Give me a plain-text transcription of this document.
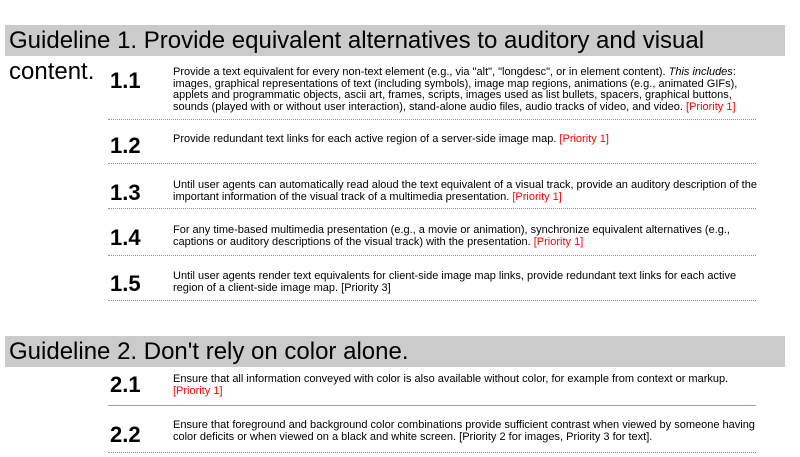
Guideline 1. Provide equivalent alternatives to auditory and visual content. 1.1	Provide a text equivalent for every non-text element (e.g., via "alt", "longdesc", or in element content). This includes: images, graphical representations of text (including symbols), image map regions, animations (e.g., animated GIFs), applets and programmatic objects, ascii art, frames, scripts, images used as list bullets, spacers, graphical buttons, sounds (played with or without user interaction), stand-alone audio files, audio tracks of video, and video. [Priority 1]
1.2	Provide redundant text links for each active region of a server-side image map. [Priority 1]
1.3	Until user agents can automatically read aloud the text equivalent of a visual track, provide an auditory description of the important information of the visual track of a multimedia presentation. [Priority 1]
1.4	For any time-based multimedia presentation (e.g., a movie or animation), synchronize equivalent alternatives (e.g., captions or auditory descriptions of the visual track) with the presentation. [Priority 1]
1.5	Until user agents render text equivalents for client-side image map links, provide redundant text links for each active region of a client-side image map. [Priority 3]
Guideline 2. Don't rely on color alone.
2.1	Ensure that all information conveyed with color is also available without color, for example from context or markup. [Priority 1]
2.2	Ensure that foreground and background color combinations provide sufficient contrast when viewed by someone having color deficits or when viewed on a black and white screen. [Priority 2 for images, Priority 3 for text].
